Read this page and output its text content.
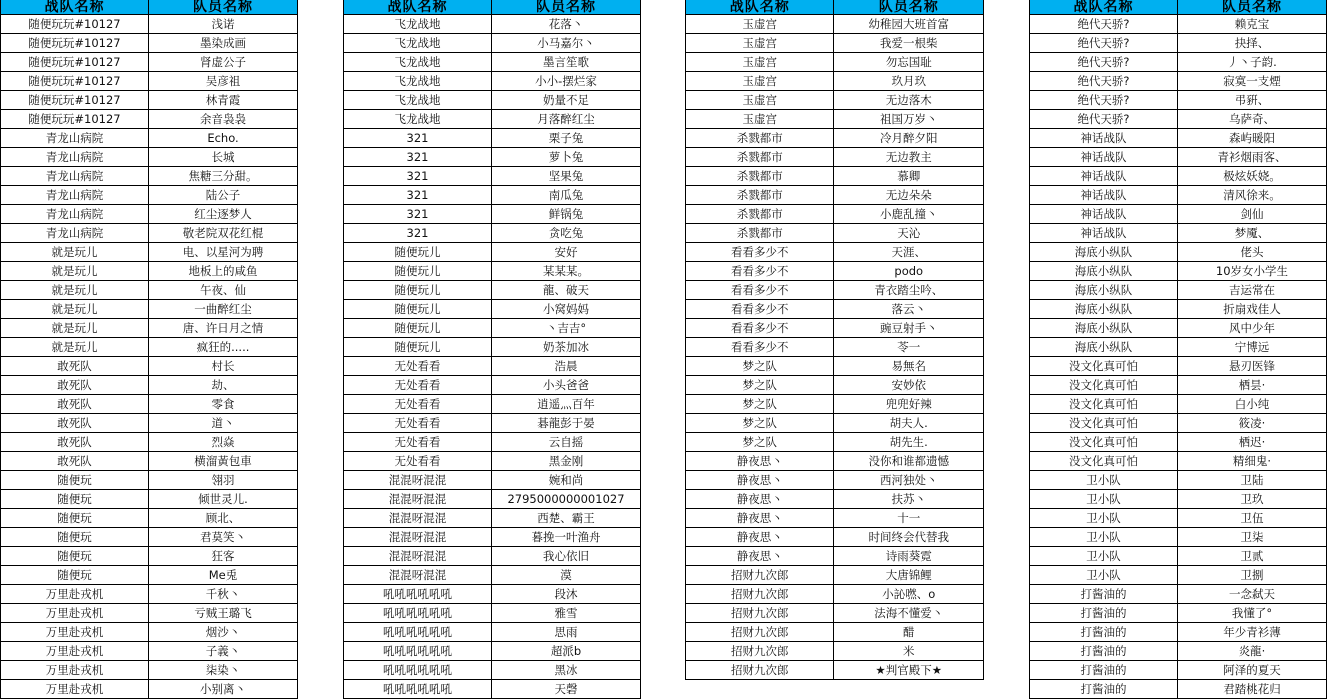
战队名称	队员名称
随便玩玩#10127	浅诺
随便玩玩#10127	墨染成画
随便玩玩#10127	肾虚公子
随便玩玩#10127	吴彦祖
随便玩玩#10127	林青霞
随便玩玩#10127	余音袅袅
青龙山病院	Echo.
青龙山病院	长城
青龙山病院	焦糖三分甜。
青龙山病院	陆公子
青龙山病院	红尘逐梦人
青龙山病院	敬老院双花红棍
就是玩儿	电、以星河为聘
就是玩儿	地板上的咸鱼
就是玩儿	午夜、仙
就是玩儿	一曲醉红尘
就是玩儿	唐、许日月之情
就是玩儿	疯狂的.....
敢死队	村长
敢死队	劫、
敢死队	零食
敢死队	道丶
敢死队	烈焱
敢死队	横溜黃包車
随便玩	翎羽
随便玩	倾世灵儿.
随便玩	顾北、
随便玩	君莫笑丶
随便玩	狂客
随便玩	Me兎
万里赴戎机	千秋丶
万里赴戎机	亏贼王璐飞
万里赴戎机	烟沙丶
万里赴戎机	子義丶
万里赴戎机	柒染丶
万里赴戎机	小别离丶
战队名称	队员名称
飞龙战地	花落丶
飞龙战地	小马嘉尔丶
飞龙战地	墨言笙歌
飞龙战地	小小-摆烂家
飞龙战地	奶量不足
飞龙战地	月落醉红尘
321	栗子兔
321	萝卜兔
321	坚果兔
321	南瓜兔
321	鲜锅兔
321	贪吃兔
随便玩儿	安好
随便玩儿	某某某。
随便玩儿	龍、破天
随便玩儿	小窝妈妈
随便玩儿	丶吉吉°
随便玩儿	奶茶加冰
无处看看	浩晨
无处看看	小头爸爸
无处看看	逍遥灬百年
无处看看	碁龍彭于晏
无处看看	云自摇
无处看看	黑金刚
混混呀混混	婉和尚
混混呀混混	2795000000001027
混混呀混混	西楚、霸王
混混呀混混	暮挽一叶渔舟
混混呀混混	我心依旧
混混呀混混	漠
吼吼吼吼吼吼	段沐
吼吼吼吼吼吼	雅雪
吼吼吼吼吼吼	思雨
吼吼吼吼吼吼	超派b
吼吼吼吼吼吼	黑冰
吼吼吼吼吼吼	天磬
战队名称	队员名称
玉虚宫	幼稚园大班首富
玉虚宫	我爱一根柴
玉虚宫	勿忘国耻
玉虚宫	玖月玖
玉虚宫	无边落木
玉虚宫	祖国万岁丶
杀戮都市	冷月醉夕阳
杀戮都市	无边教主
杀戮都市	慕卿
杀戮都市	无边朵朵
杀戮都市	小鹿乱撞丶
杀戮都市	天沁
看看多少不	天涯、
看看多少不	podo
看看多少不	青衣踏尘吟、
看看多少不	落云丶
看看多少不	豌豆射手丶
看看多少不	苓一
梦之队	易無名
梦之队	安妙依
梦之队	兜兜好辣
梦之队	胡夫人.
梦之队	胡先生.
静夜思丶	没你和谁都遗憾
静夜思丶	西河独处丶
静夜思丶	扶苏丶
静夜思丶	十一
静夜思丶	时间终会代替我
静夜思丶	诗雨葵霓
招财九次郎	大唐锦鲤
招财九次郎	小訫嘫、o
招财九次郎	法海不懂爱丶
招财九次郎	醋
招财九次郎	米
招财九次郎	★判官殿下★
战队名称	队员名称
绝代天骄?	赖克宝
绝代天骄?	抉择、
绝代天骄?	丿丶子韵.
绝代天骄?	寂寞一支煙
绝代天骄?	弔豣、
绝代天骄?	乌萨奇、
神话战队	森屿暖阳
神话战队	青衫烟雨客、
神话战队	极炫妖娆。
神话战队	清风徐来。
神话战队	剑仙
神话战队	梦魇、
海底小纵队	佬头
海底小纵队	10岁女小学生
海底小纵队	吉运常在
海底小纵队	折扇戏佳人
海底小纵队	风中少年
海底小纵队	宁博远
没文化真可怕	悬刃医锋
没文化真可怕	栖昙·
没文化真可怕	白小纯
没文化真可怕	筱凌·
没文化真可怕	栖迟·
没文化真可怕	精细鬼·
卫小队	卫陆
卫小队	卫玖
卫小队	卫伍
卫小队	卫柒
卫小队	卫贰
卫小队	卫捌
打酱油的	一念弑天
打酱油的	我懂了°
打酱油的	年少青衫薄
打酱油的	炎龍·
打酱油的	阿泽的夏天
打酱油的	君踏桃花归
